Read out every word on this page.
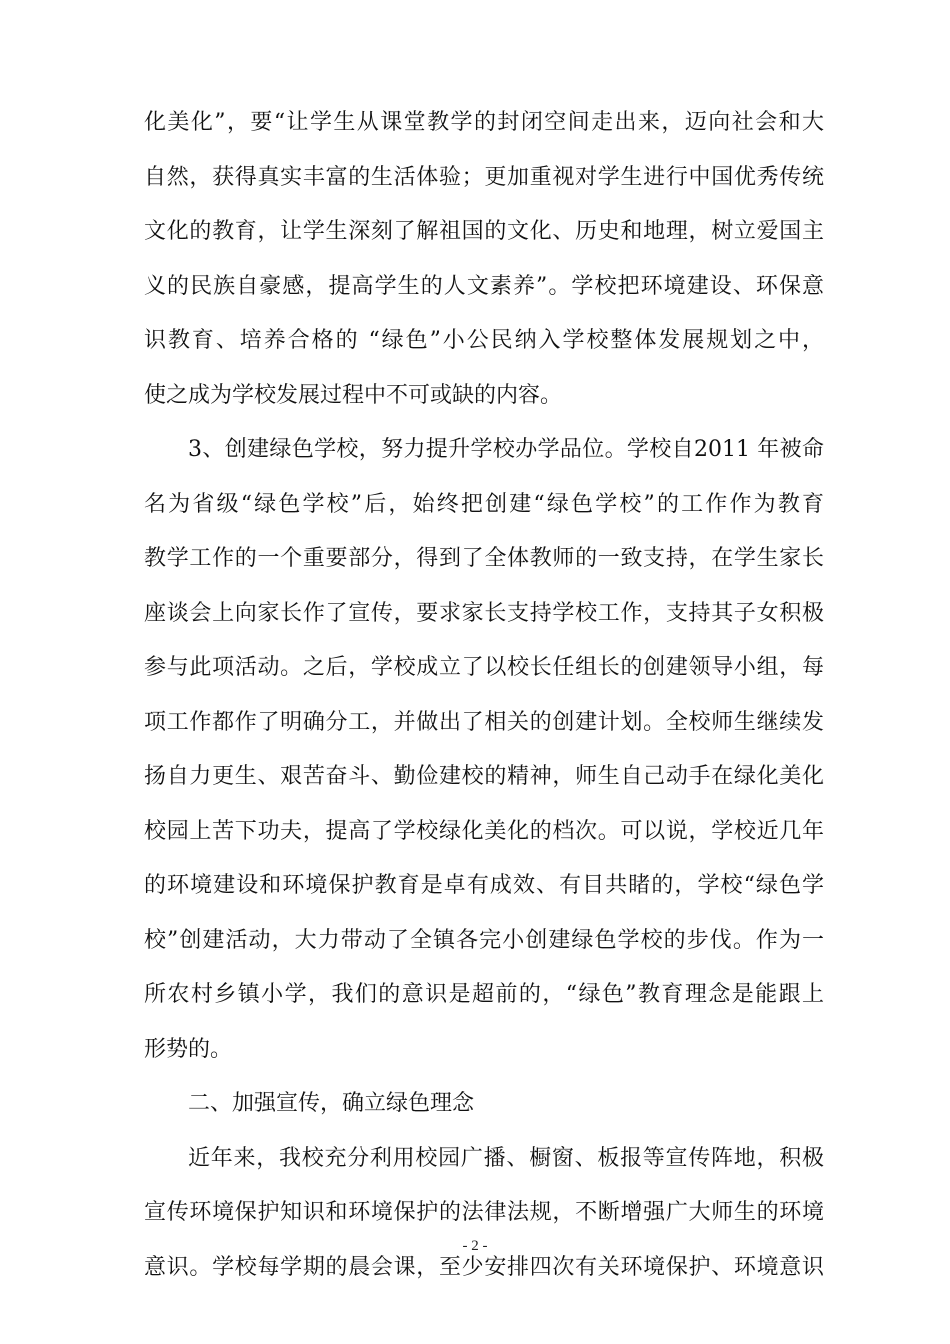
化美化”，要“让学生从课堂教学的封闭空间走出来，迈向社会和大
自然，获得真实丰富的生活体验；更加重视对学生进行中国优秀传统
文化的教育，让学生深刻了解祖国的文化、历史和地理，树立爱国主
义的民族自豪感，提高学生的人文素养”。学校把环境建设、环保意
识教育、培养合格的 “绿色”小公民纳入学校整体发展规划之中，
使之成为学校发展过程中不可或缺的内容。
3、创建绿色学校，努力提升学校办学品位。学校自2011 年被命
名为省级“绿色学校”后，始终把创建“绿色学校”的工作作为教育
教学工作的一个重要部分，得到了全体教师的一致支持，在学生家长
座谈会上向家长作了宣传，要求家长支持学校工作，支持其子女积极
参与此项活动。之后，学校成立了以校长任组长的创建领导小组，每
项工作都作了明确分工，并做出了相关的创建计划。全校师生继续发
扬自力更生、艰苦奋斗、勤俭建校的精神，师生自己动手在绿化美化
校园上苦下功夫，提高了学校绿化美化的档次。可以说，学校近几年
的环境建设和环境保护教育是卓有成效、有目共睹的，学校“绿色学
校”创建活动，大力带动了全镇各完小创建绿色学校的步伐。作为一
所农村乡镇小学，我们的意识是超前的，“绿色”教育理念是能跟上
形势的。
二、加强宣传，确立绿色理念
近年来，我校充分利用校园广播、橱窗、板报等宣传阵地，积极
宣传环境保护知识和环境保护的法律法规，不断增强广大师生的环境
意识。学校每学期的晨会课，至少安排四次有关环境保护、环境意识
- 2 -
